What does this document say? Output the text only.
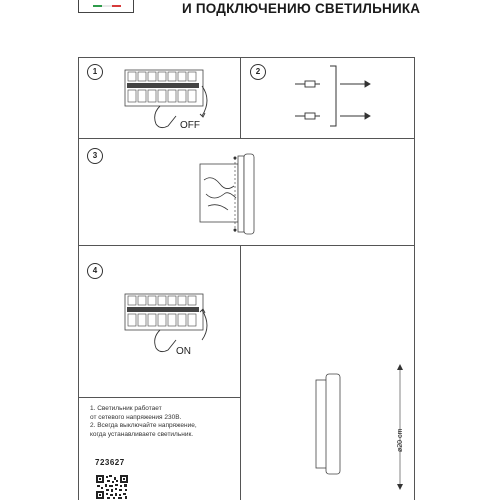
И ПОДКЛЮЧЕНИЮ СВЕТИЛЬНИКА
1
OFF
2
3
4
ON
ø20 cm
1. Светильник работает
от сетевого напряжения 230В.
2. Всегда выключайте напряжение,
когда устанавливаете светильник.
723627
